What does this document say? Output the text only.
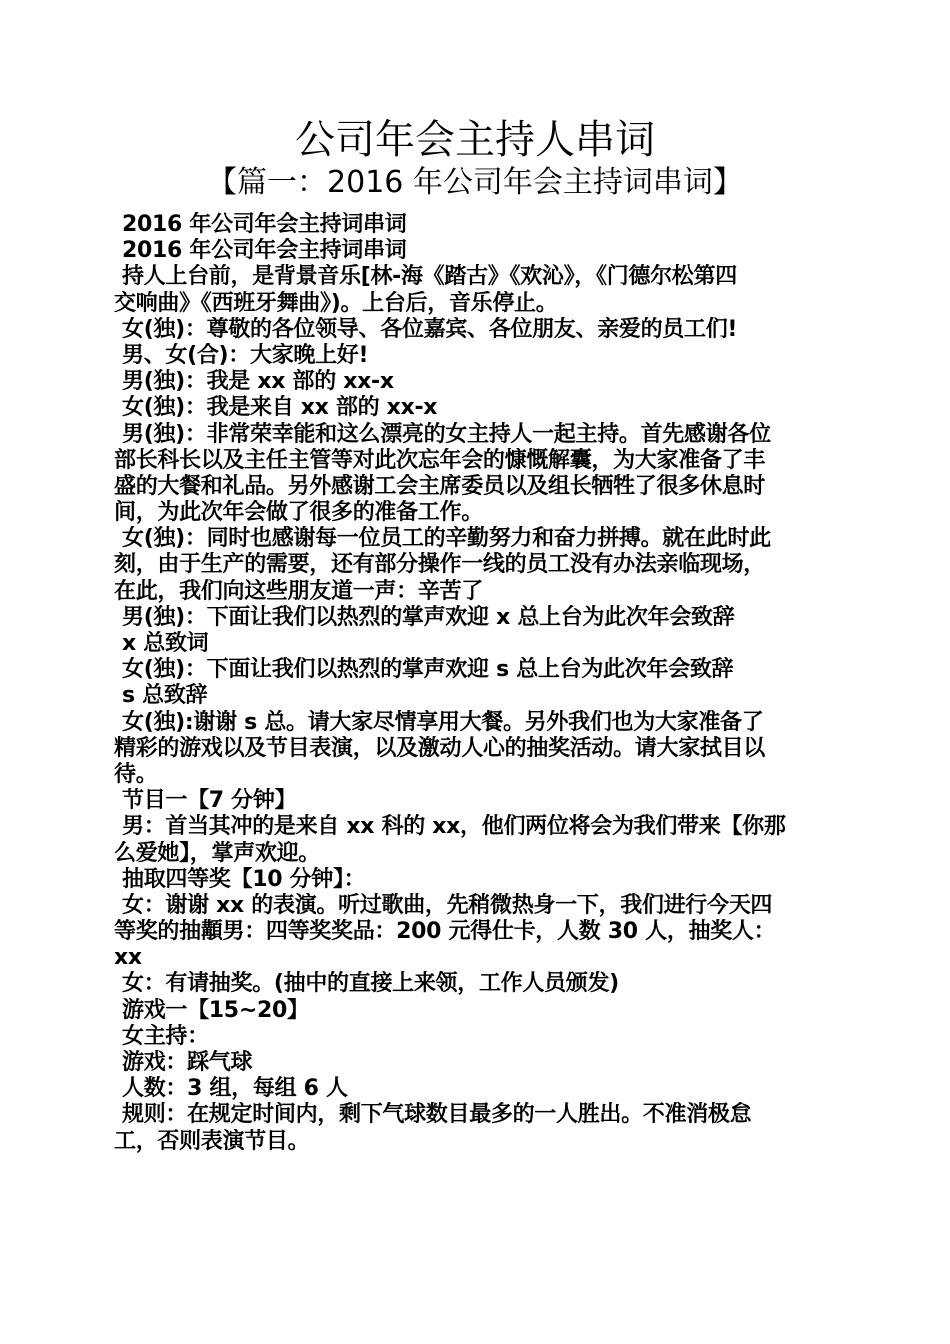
公司年会主持人串词
【篇一：2016 年公司年会主持词串词】
2016 年公司年会主持词串词
2016 年公司年会主持词串词
持人上台前，是背景音乐[林-海《踏古》《欢沁》，《门德尔松第四
交响曲》《西班牙舞曲》)。上台后，音乐停止。
女(独)：尊敬的各位领导、各位嘉宾、各位朋友、亲爱的员工们!
男、女(合)：大家晚上好!
男(独)：我是 xx 部的 xx-x
女(独)：我是来自 xx 部的 xx-x
男(独)：非常荣幸能和这么漂亮的女主持人一起主持。首先感谢各位
部长科长以及主任主管等对此次忘年会的慷慨解囊，为大家准备了丰
盛的大餐和礼品。另外感谢工会主席委员以及组长牺牲了很多休息时
间，为此次年会做了很多的准备工作。
女(独)：同时也感谢每一位员工的辛勤努力和奋力拼搏。就在此时此
刻，由于生产的需要，还有部分操作一线的员工没有办法亲临现场，
在此，我们向这些朋友道一声：辛苦了
男(独)：下面让我们以热烈的掌声欢迎 x 总上台为此次年会致辞
x 总致词
女(独)：下面让我们以热烈的掌声欢迎 s 总上台为此次年会致辞
s 总致辞
女(独):谢谢 s 总。请大家尽情享用大餐。另外我们也为大家准备了
精彩的游戏以及节目表演，以及激动人心的抽奖活动。请大家拭目以
待。
节目一【7 分钟】
男：首当其冲的是来自 xx 科的 xx，他们两位将会为我们带来【你那
么爱她】，掌声欢迎。
抽取四等奖【10 分钟】：
女：谢谢 xx 的表演。听过歌曲，先稍微热身一下，我们进行今天四
等奖的抽顜男：四等奖奖品：200 元得仕卡，人数 30 人，抽奖人：
xx
女：有请抽奖。(抽中的直接上来领，工作人员颁发)
游戏一【15~20】
女主持：
游戏：踩气球
人数：3 组，每组 6 人
规则：在规定时间内，剩下气球数目最多的一人胜出。不准消极怠
工，否则表演节目。
